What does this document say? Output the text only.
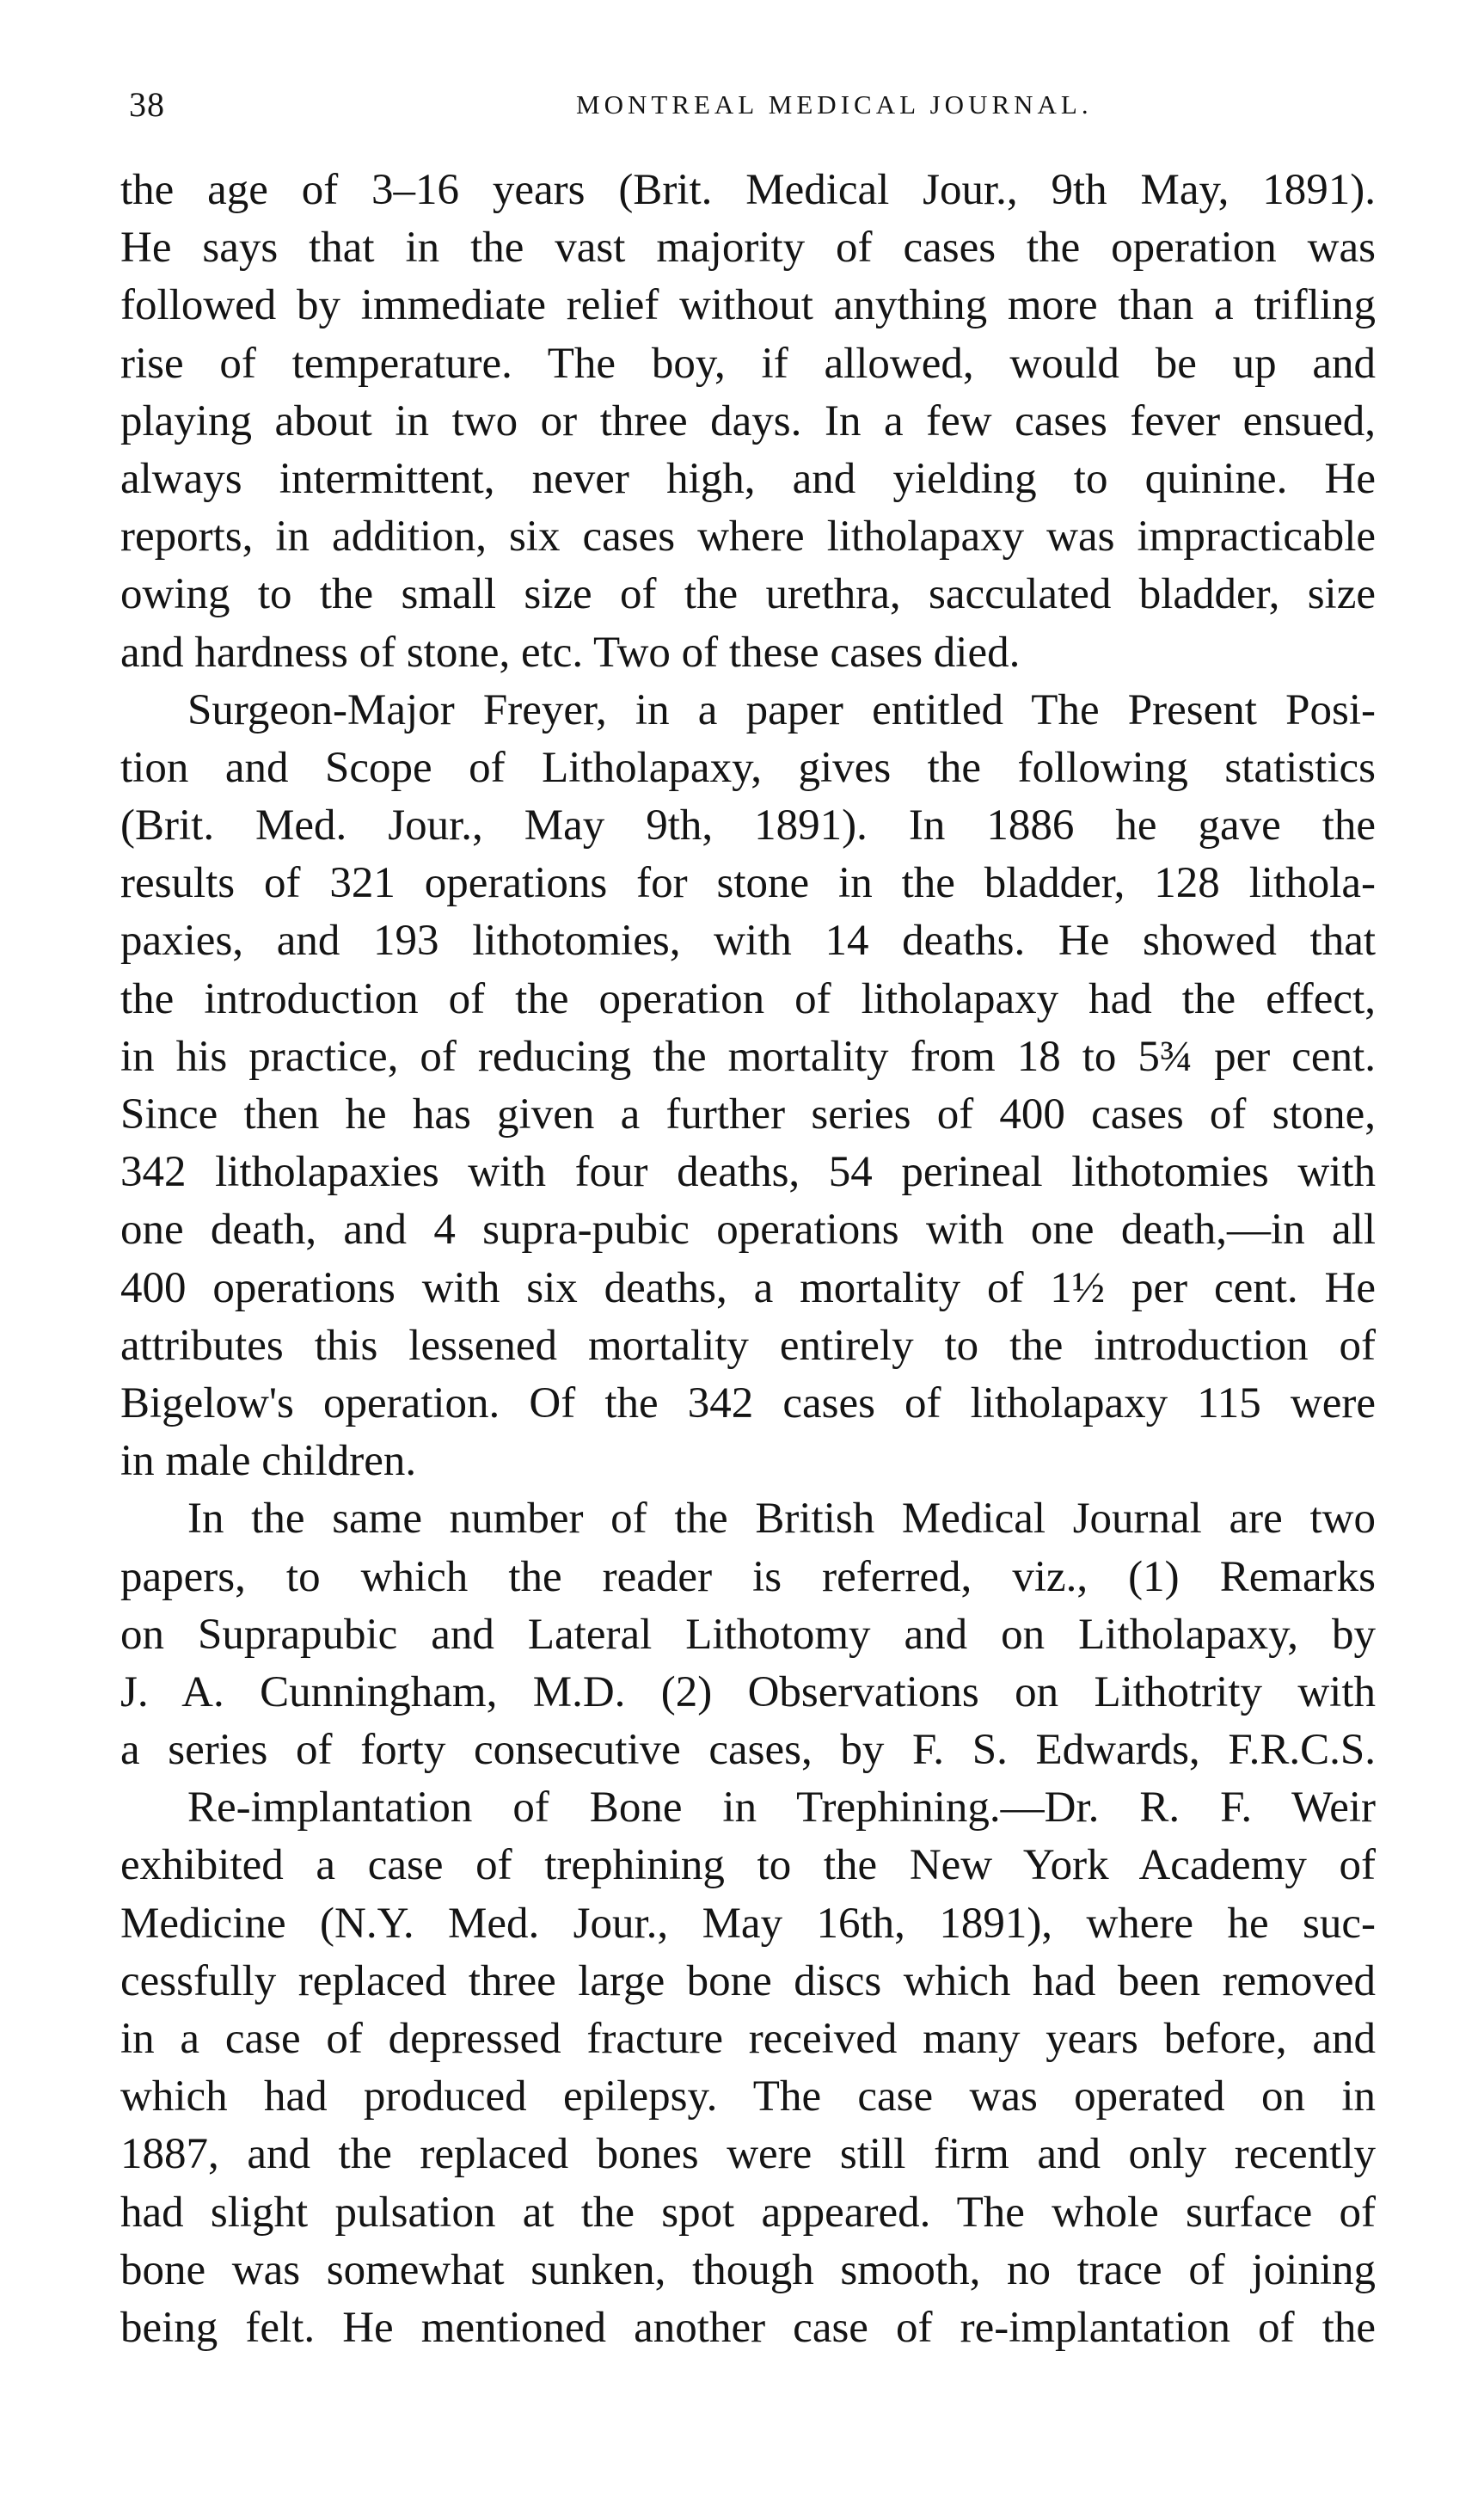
38	MONTREAL MEDICAL JOURNAL.
the age of 3–16 years (Brit. Medical Jour., 9th May, 1891).
He says that in the vast majority of cases the operation was
followed by immediate relief without anything more than a trifling
rise of temperature. The boy, if allowed, would be up and
playing about in two or three days. In a few cases fever ensued,
always intermittent, never high, and yielding to quinine. He
reports, in addition, six cases where litholapaxy was impracticable
owing to the small size of the urethra, sacculated bladder, size
and hardness of stone, etc. Two of these cases died.
Surgeon-Major Freyer, in a paper entitled The Present Posi-
tion and Scope of Litholapaxy, gives the following statistics
(Brit. Med. Jour., May 9th, 1891). In 1886 he gave the
results of 321 operations for stone in the bladder, 128 lithola-
paxies, and 193 lithotomies, with 14 deaths. He showed that
the introduction of the operation of litholapaxy had the effect,
in his practice, of reducing the mortality from 18 to 5¾ per cent.
Since then he has given a further series of 400 cases of stone,
342 litholapaxies with four deaths, 54 perineal lithotomies with
one death, and 4 supra-pubic operations with one death,—in all
400 operations with six deaths, a mortality of 1½ per cent. He
attributes this lessened mortality entirely to the introduction of
Bigelow's operation. Of the 342 cases of litholapaxy 115 were
in male children.
In the same number of the British Medical Journal are two
papers, to which the reader is referred, viz., (1) Remarks
on Suprapubic and Lateral Lithotomy and on Litholapaxy, by
J. A. Cunningham, M.D. (2) Observations on Lithotrity with
a series of forty consecutive cases, by F. S. Edwards, F.R.C.S.
Re-implantation of Bone in Trephining.—Dr. R. F. Weir
exhibited a case of trephining to the New York Academy of
Medicine (N.Y. Med. Jour., May 16th, 1891), where he suc-
cessfully replaced three large bone discs which had been removed
in a case of depressed fracture received many years before, and
which had produced epilepsy. The case was operated on in
1887, and the replaced bones were still firm and only recently
had slight pulsation at the spot appeared. The whole surface of
bone was somewhat sunken, though smooth, no trace of joining
being felt. He mentioned another case of re-implantation of the
